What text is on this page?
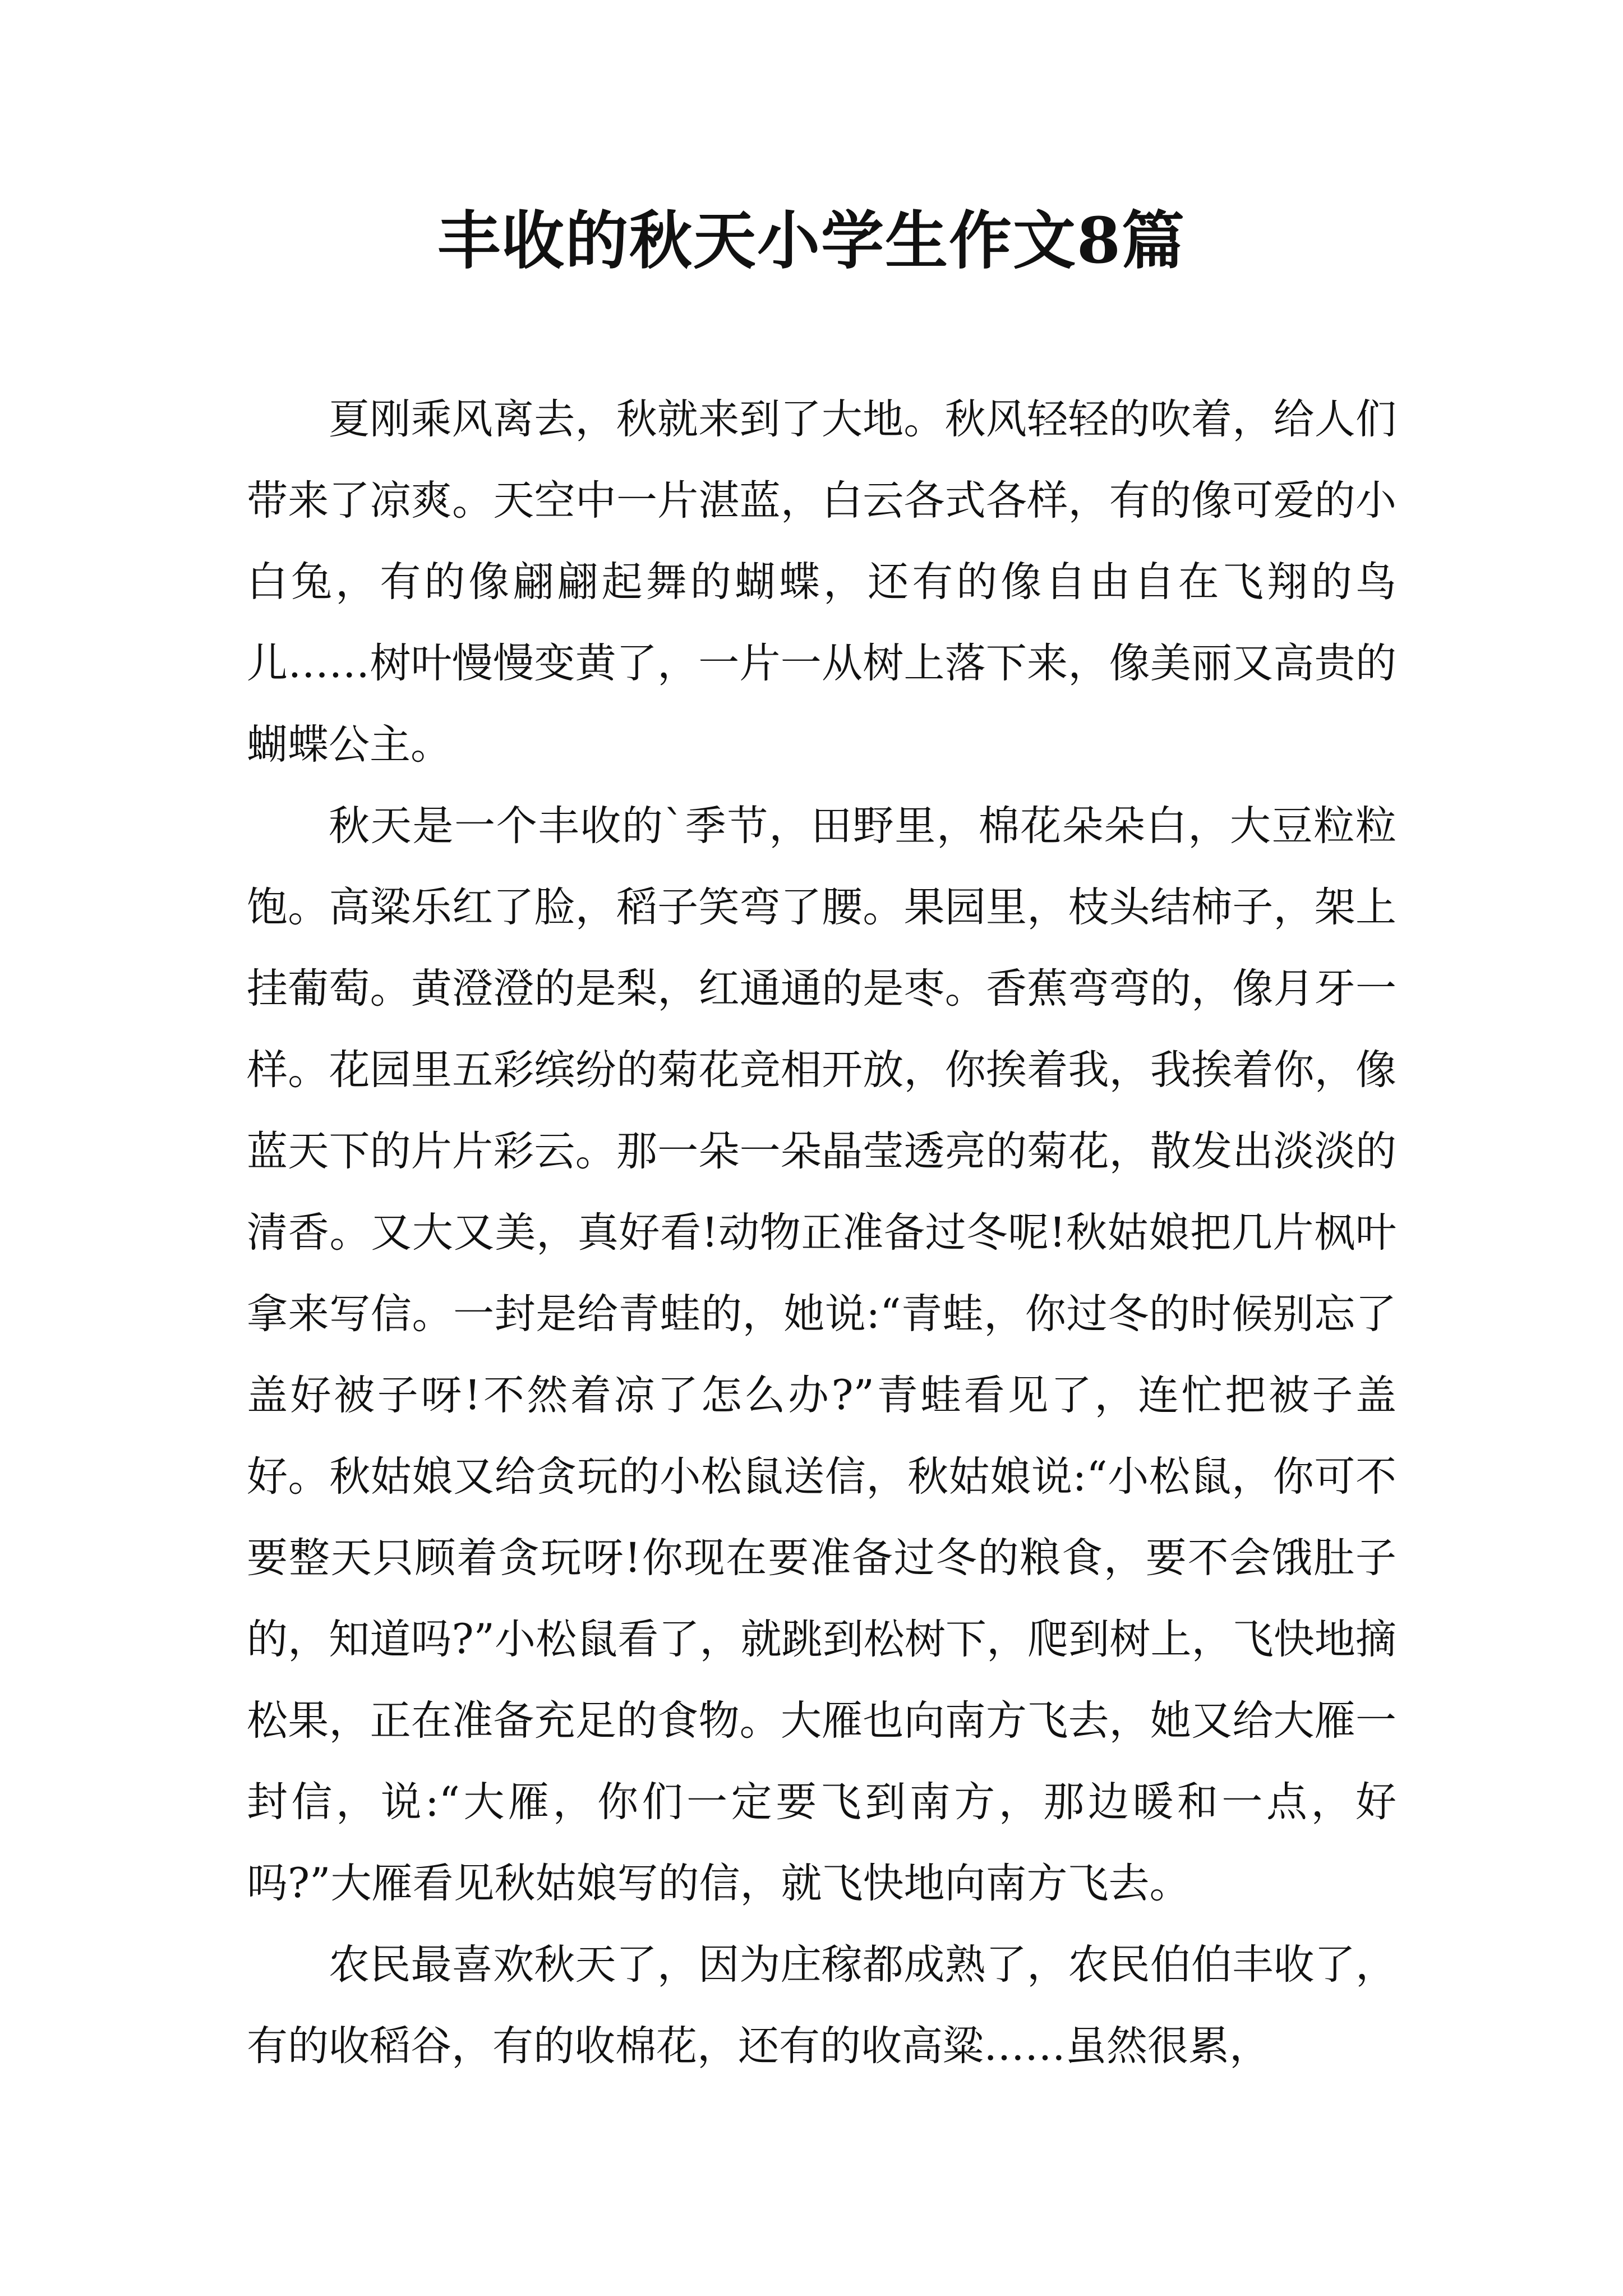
丰收的秋天小学生作文8篇

夏刚乘风离去，秋就来到了大地。秋风轻轻的吹着，给人们带来了凉爽。天空中一片湛蓝，白云各式各样，有的像可爱的小白兔，有的像翩翩起舞的蝴蝶，还有的像自由自在飞翔的鸟儿……树叶慢慢变黄了，一片一从树上落下来，像美丽又高贵的蝴蝶公主。

秋天是一个丰收的`季节，田野里，棉花朵朵白，大豆粒粒饱。高粱乐红了脸，稻子笑弯了腰。果园里，枝头结柿子，架上挂葡萄。黄澄澄的是梨，红通通的是枣。香蕉弯弯的，像月牙一样。花园里五彩缤纷的菊花竞相开放，你挨着我，我挨着你，像蓝天下的片片彩云。那一朵一朵晶莹透亮的菊花，散发出淡淡的清香。又大又美，真好看!动物正准备过冬呢!秋姑娘把几片枫叶拿来写信。一封是给青蛙的，她说:“青蛙，你过冬的时候别忘了盖好被子呀!不然着凉了怎么办?”青蛙看见了，连忙把被子盖好。秋姑娘又给贪玩的小松鼠送信，秋姑娘说:“小松鼠，你可不要整天只顾着贪玩呀!你现在要准备过冬的粮食，要不会饿肚子的，知道吗?”小松鼠看了，就跳到松树下，爬到树上，飞快地摘松果，正在准备充足的食物。大雁也向南方飞去，她又给大雁一封信，说:“大雁，你们一定要飞到南方，那边暖和一点，好吗?”大雁看见秋姑娘写的信，就飞快地向南方飞去。

农民最喜欢秋天了，因为庄稼都成熟了，农民伯伯丰收了，有的收稻谷，有的收棉花，还有的收高粱……虽然很累，
